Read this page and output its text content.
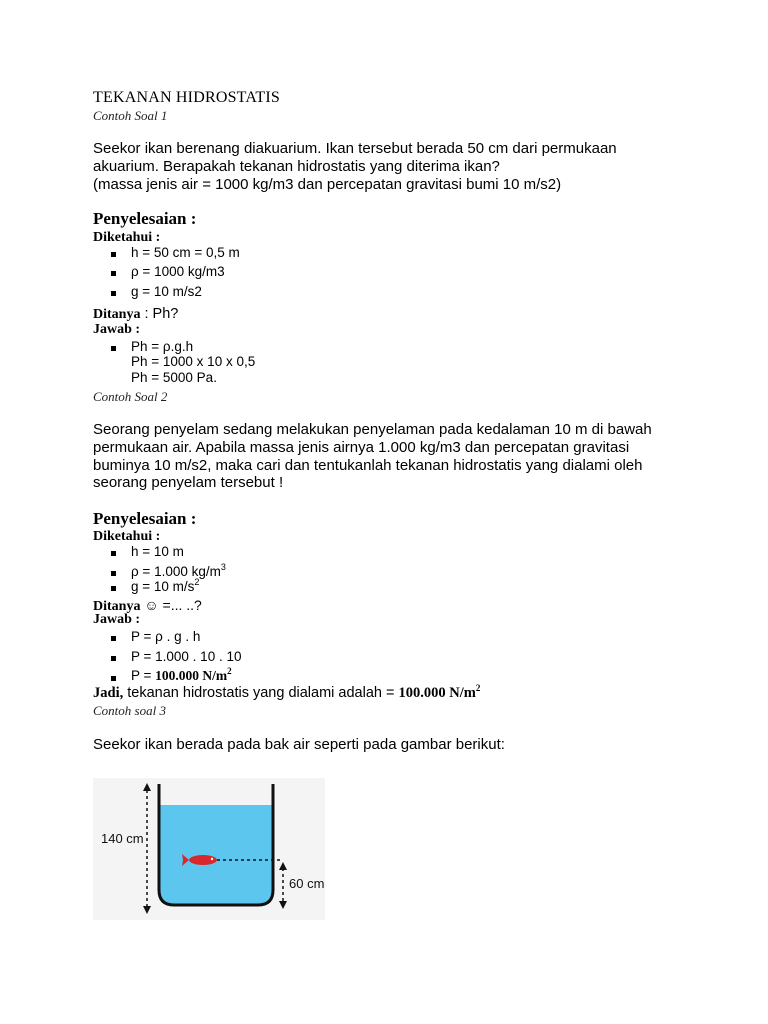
TEKANAN HIDROSTATIS
Contoh Soal 1
Seekor ikan berenang diakuarium. Ikan tersebut berada 50 cm dari permukaan
akuarium. Berapakah tekanan hidrostatis yang diterima ikan?
(massa jenis air = 1000 kg/m3 dan percepatan gravitasi bumi 10 m/s2)
Penyelesaian :
Diketahui :
h = 50 cm = 0,5 m
ρ = 1000 kg/m3
g = 10 m/s2
Ditanya : Ph?
Jawab :
Ph = ρ.g.h
Ph = 1000 x 10 x 0,5
Ph = 5000 Pa.
Contoh Soal 2
Seorang penyelam sedang melakukan penyelaman pada kedalaman 10 m di bawah
permukaan air. Apabila massa jenis airnya 1.000 kg/m3 dan percepatan gravitasi
buminya 10 m/s2, maka cari dan tentukanlah tekanan hidrostatis yang dialami oleh
seorang penyelam tersebut !
Penyelesaian :
Diketahui :
h = 10 m
ρ = 1.000 $kg/m^3$
g = 10 $m/s^2$
Ditanya ☺ =... ..?
Jawab :
P = ρ . g . h
P = 1.000 . 10 . 10
P = 100.000 $N/m^2$
Jadi, tekanan hidrostatis yang dialami adalah = 100.000 $N/m^2$
Contoh soal 3
Seekor ikan berada pada bak air seperti pada gambar berikut:
140 cm
60 cm
